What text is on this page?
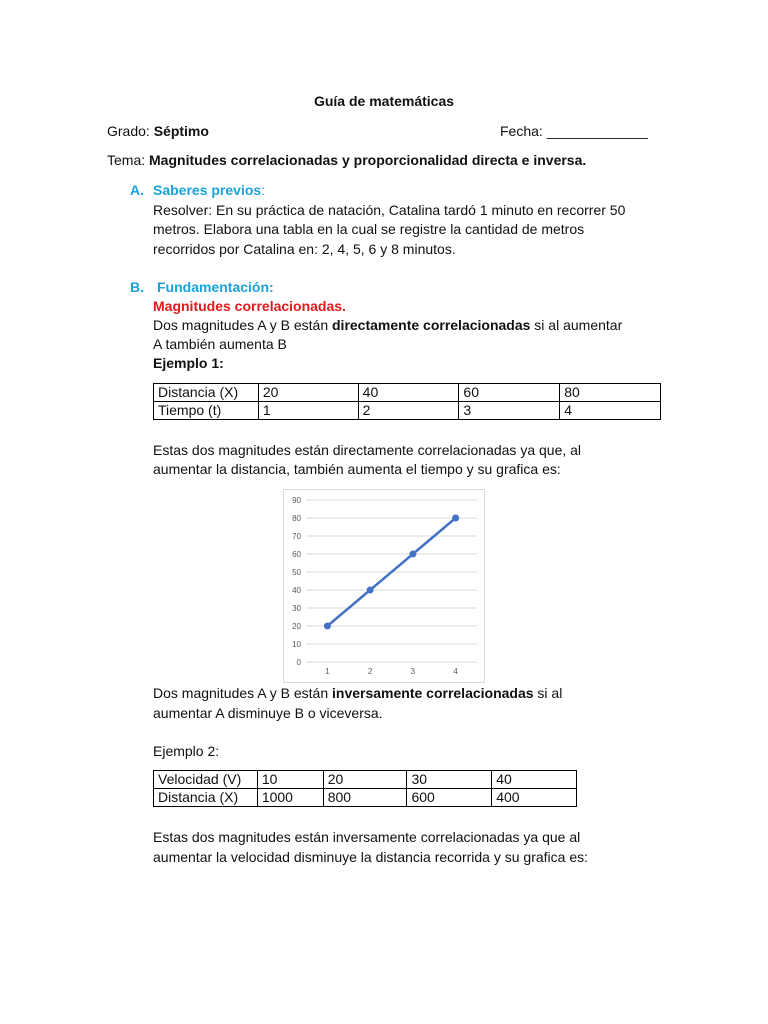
Guía de matemáticas
Grado: Séptimo	Fecha: _____________
Tema: Magnitudes correlacionadas y proporcionalidad directa e inversa.
A. Saberes previos:
Resolver: En su práctica de natación, Catalina tardó 1 minuto en recorrer 50
metros. Elabora una tabla en la cual se registre la cantidad de metros
recorridos por Catalina en: 2, 4, 5, 6 y 8 minutos.
B. Fundamentación:
Magnitudes correlacionadas.
Dos magnitudes A y B están directamente correlacionadas si al aumentar
A también aumenta B
Ejemplo 1:
Distancia (X)	20	40	60	80
Tiempo (t)	1	2	3	4
Estas dos magnitudes están directamente correlacionadas ya que, al
aumentar la distancia, también aumenta el tiempo y su grafica es:
0
10
20
30
40
50
60
70
80
90
1	2	3	4
Dos magnitudes A y B están inversamente correlacionadas si al
aumentar A disminuye B o viceversa.
Ejemplo 2:
Velocidad (V)	10	20	30	40
Distancia (X)	1000	800	600	400
Estas dos magnitudes están inversamente correlacionadas ya que al
aumentar la velocidad disminuye la distancia recorrida y su grafica es:
